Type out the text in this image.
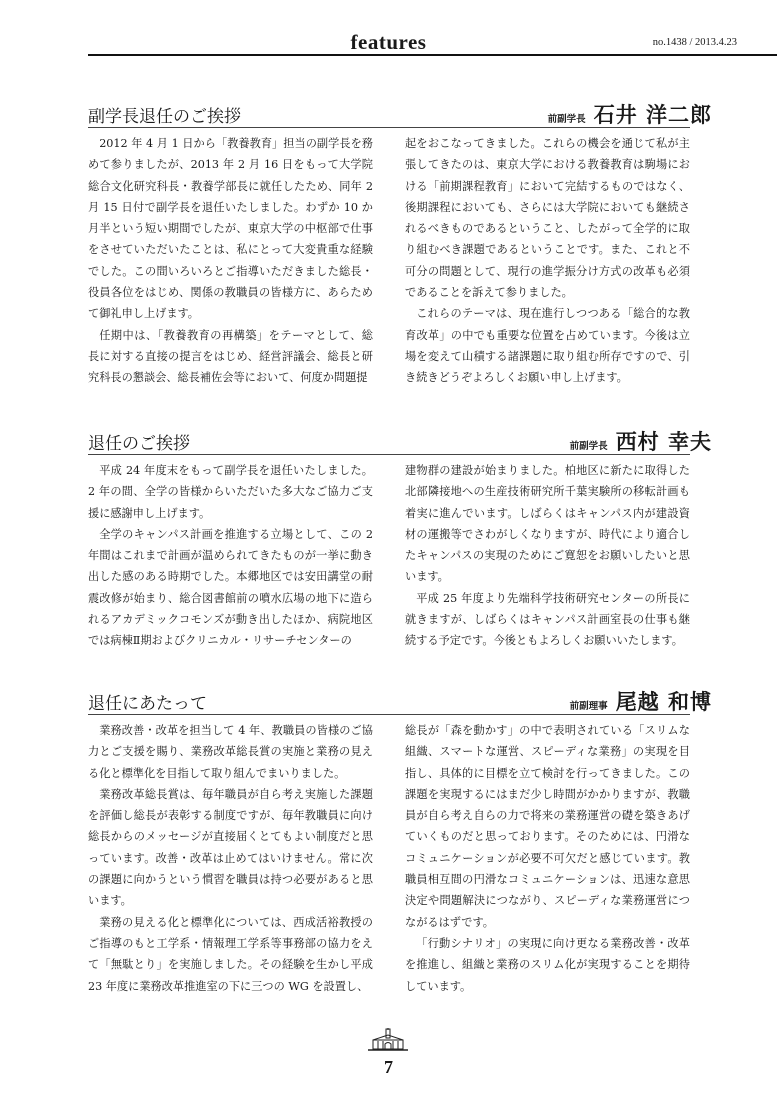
features	no.1438 / 2013.4.23
副学長退任のご挨拶	前副学長 石井 洋二郎

2012 年 4 月 1 日から「教養教育」担当の副学長を務めて参りましたが、2013 年 2 月 16 日をもって大学院総合文化研究科長・教養学部長に就任したため、同年 2 月 15 日付で副学長を退任いたしました。わずか 10 か月半という短い期間でしたが、東京大学の中枢部で仕事をさせていただいたことは、私にとって大変貴重な経験でした。この間いろいろとご指導いただきました総長・役員各位をはじめ、関係の教職員の皆様方に、あらためて御礼申し上げます。

任期中は、「教養教育の再構築」をテーマとして、総長に対する直接の提言をはじめ、経営評議会、総長と研究科長の懇談会、総長補佐会等において、何度か問題提

起をおこなってきました。これらの機会を通じて私が主張してきたのは、東京大学における教養教育は駒場における「前期課程教育」において完結するものではなく、後期課程においても、さらには大学院においても継続されるべきものであるということ、したがって全学的に取り組むべき課題であるということです。また、これと不可分の問題として、現行の進学振分け方式の改革も必須であることを訴えて参りました。

これらのテーマは、現在進行しつつある「総合的な教育改革」の中でも重要な位置を占めています。今後は立場を変えて山積する諸課題に取り組む所存ですので、引き続きどうぞよろしくお願い申し上げます。

退任のご挨拶	前副学長 西村 幸夫

平成 24 年度末をもって副学長を退任いたしました。2 年の間、全学の皆様からいただいた多大なご協力ご支援に感謝申し上げます。

全学のキャンパス計画を推進する立場として、この 2 年間はこれまで計画が温められてきたものが一挙に動き出した感のある時期でした。本郷地区では安田講堂の耐震改修が始まり、総合図書館前の噴水広場の地下に造られるアカデミックコモンズが動き出したほか、病院地区では病棟Ⅱ期およびクリニカル・リサーチセンターの

建物群の建設が始まりました。柏地区に新たに取得した北部隣接地への生産技術研究所千葉実験所の移転計画も着実に進んでいます。しばらくはキャンパス内が建設資材の運搬等でさわがしくなりますが、時代により適合したキャンパスの実現のためにご寛恕をお願いしたいと思います。

平成 25 年度より先端科学技術研究センターの所長に就きますが、しばらくはキャンパス計画室長の仕事も継続する予定です。今後ともよろしくお願いいたします。

退任にあたって	前副理事 尾越 和博

業務改善・改革を担当して 4 年、教職員の皆様のご協力とご支援を賜り、業務改革総長賞の実施と業務の見える化と標準化を目指して取り組んでまいりました。

業務改革総長賞は、毎年職員が自ら考え実施した課題を評価し総長が表彰する制度ですが、毎年教職員に向け総長からのメッセージが直接届くとてもよい制度だと思っています。改善・改革は止めてはいけません。常に次の課題に向かうという慣習を職員は持つ必要があると思います。

業務の見える化と標準化については、西成活裕教授のご指導のもと工学系・情報理工学系等事務部の協力をえて「無駄とり」を実施しました。その経験を生かし平成 23 年度に業務改革推進室の下に三つの WG を設置し、

総長が「森を動かす」の中で表明されている「スリムな組織、スマートな運営、スピーディな業務」の実現を目指し、具体的に目標を立て検討を行ってきました。この課題を実現するにはまだ少し時間がかかりますが、教職員が自ら考え自らの力で将来の業務運営の礎を築きあげていくものだと思っております。そのためには、円滑なコミュニケーションが必要不可欠だと感じています。教職員相互間の円滑なコミュニケーションは、迅速な意思決定や問題解決につながり、スピーディな業務運営につながるはずです。

「行動シナリオ」の実現に向け更なる業務改善・改革を推進し、組織と業務のスリム化が実現することを期待しています。

7
